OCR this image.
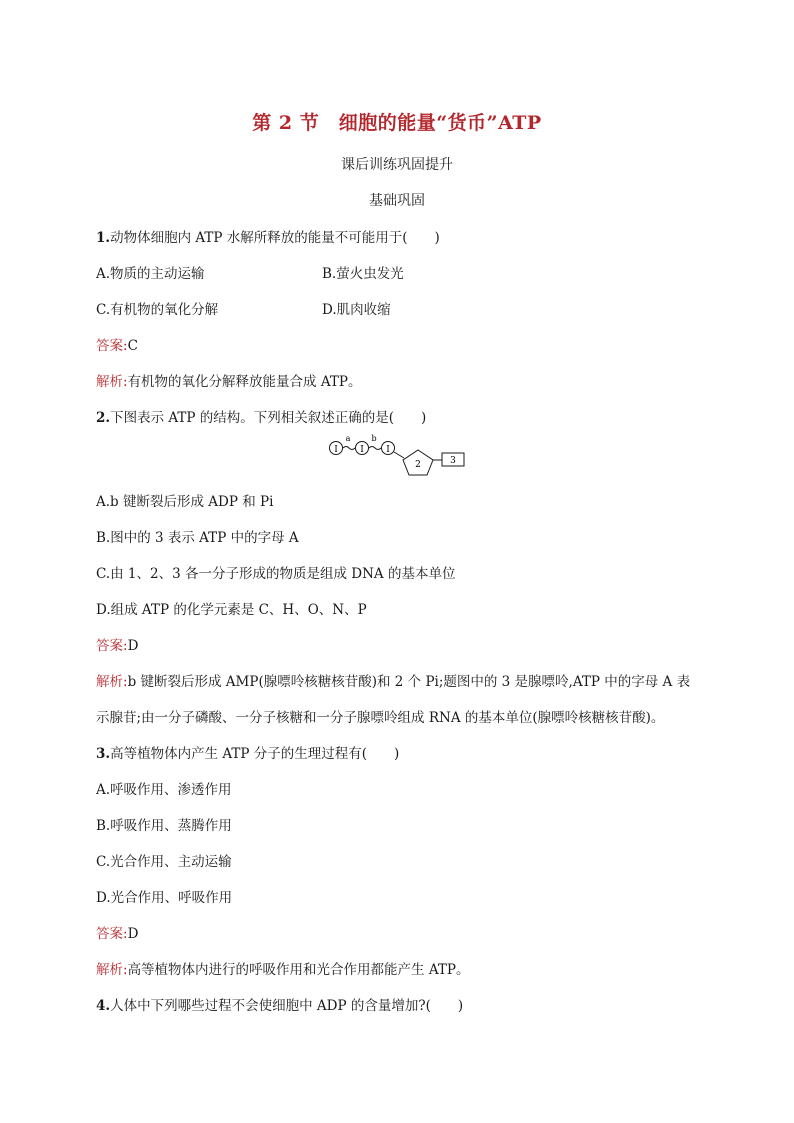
第 2 节　细胞的能量“货币”ATP
课后训练巩固提升
基础巩固
1.动物体细胞内 ATP 水解所释放的能量不可能用于(　　)
A.物质的主动运输	B.萤火虫发光
C.有机物的氧化分解	D.肌肉收缩
答案:C
解析:有机物的氧化分解释放能量合成 ATP。
2.下图表示 ATP 的结构。下列相关叙述正确的是(　　)
Ⅰ
a
Ⅰ
b
Ⅰ
2	3
A.b 键断裂后形成 ADP 和 Pi
B.图中的 3 表示 ATP 中的字母 A
C.由 1、2、3 各一分子形成的物质是组成 DNA 的基本单位
D.组成 ATP 的化学元素是 C、H、O、N、P
答案:D
解析:b 键断裂后形成 AMP(腺嘌呤核糖核苷酸)和 2 个 Pi;题图中的 3 是腺嘌呤,ATP 中的字母 A 表
示腺苷;由一分子磷酸、一分子核糖和一分子腺嘌呤组成 RNA 的基本单位(腺嘌呤核糖核苷酸)。
3.高等植物体内产生 ATP 分子的生理过程有(　　)
A.呼吸作用、渗透作用
B.呼吸作用、蒸腾作用
C.光合作用、主动运输
D.光合作用、呼吸作用
答案:D
解析:高等植物体内进行的呼吸作用和光合作用都能产生 ATP。
4.人体中下列哪些过程不会使细胞中 ADP 的含量增加?(　　)
